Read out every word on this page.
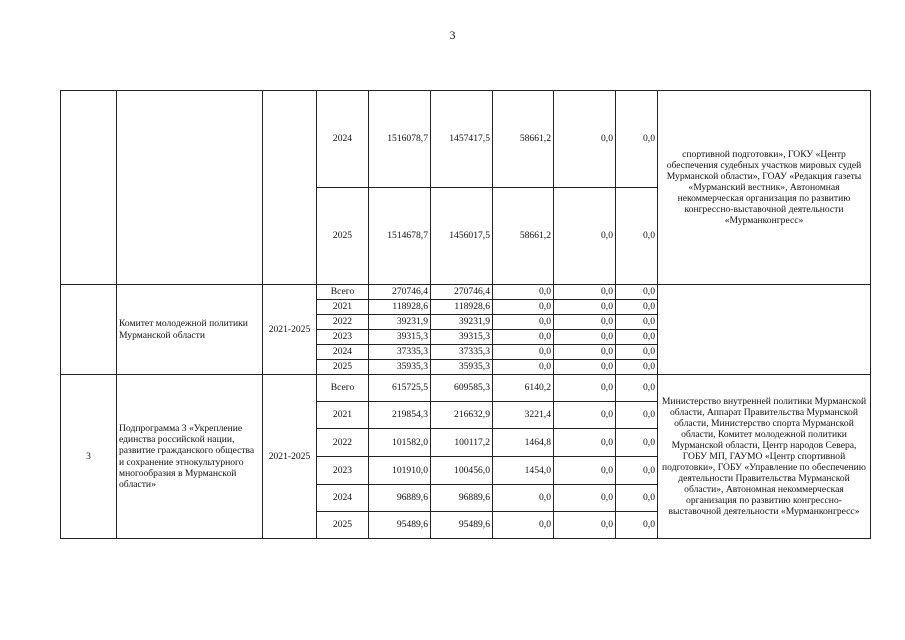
3
			2024	1516078,7	1457417,5	58661,2	0,0	0,0	спортивной подготовки», ГОКУ «Центр обеспечения судебных участков мировых судей Мурманской области», ГОАУ «Редакция газеты «Мурманский вестник», Автономная некоммерческая организация по развитию конгрессно-выставочной деятельности «Мурманконгресс»
			2025	1514678,7	1456017,5	58661,2	0,0	0,0	
	Комитет молодежной политики Мурманской области	2021-2025	Всего	270746,4	270746,4	0,0	0,0	0,0	
			2021	118928,6	118928,6	0,0	0,0	0,0	
			2022	39231,9	39231,9	0,0	0,0	0,0	
			2023	39315,3	39315,3	0,0	0,0	0,0	
			2024	37335,3	37335,3	0,0	0,0	0,0	
			2025	35935,3	35935,3	0,0	0,0	0,0	
3	Подпрограмма 3 «Укрепление единства российской нации, развитие гражданского общества и сохранение этнокультурного многообразия в Мурманской области»	2021-2025	Всего	615725,5	609585,3	6140,2	0,0	0,0	Министерство внутренней политики Мурманской области, Аппарат Правительства Мурманской области, Министерство спорта Мурманской области, Комитет молодежной политики Мурманской области, Центр народов Севера, ГОБУ МП, ГАУМО «Центр спортивной подготовки», ГОБУ «Управление по обеспечению деятельности Правительства Мурманской области», Автономная некоммерческая организация по развитию конгрессно-выставочной деятельности «Мурманконгресс»
			2021	219854,3	216632,9	3221,4	0,0	0,0	
			2022	101582,0	100117,2	1464,8	0,0	0,0	
			2023	101910,0	100456,0	1454,0	0,0	0,0	
			2024	96889,6	96889,6	0,0	0,0	0,0	
			2025	95489,6	95489,6	0,0	0,0	0,0	
